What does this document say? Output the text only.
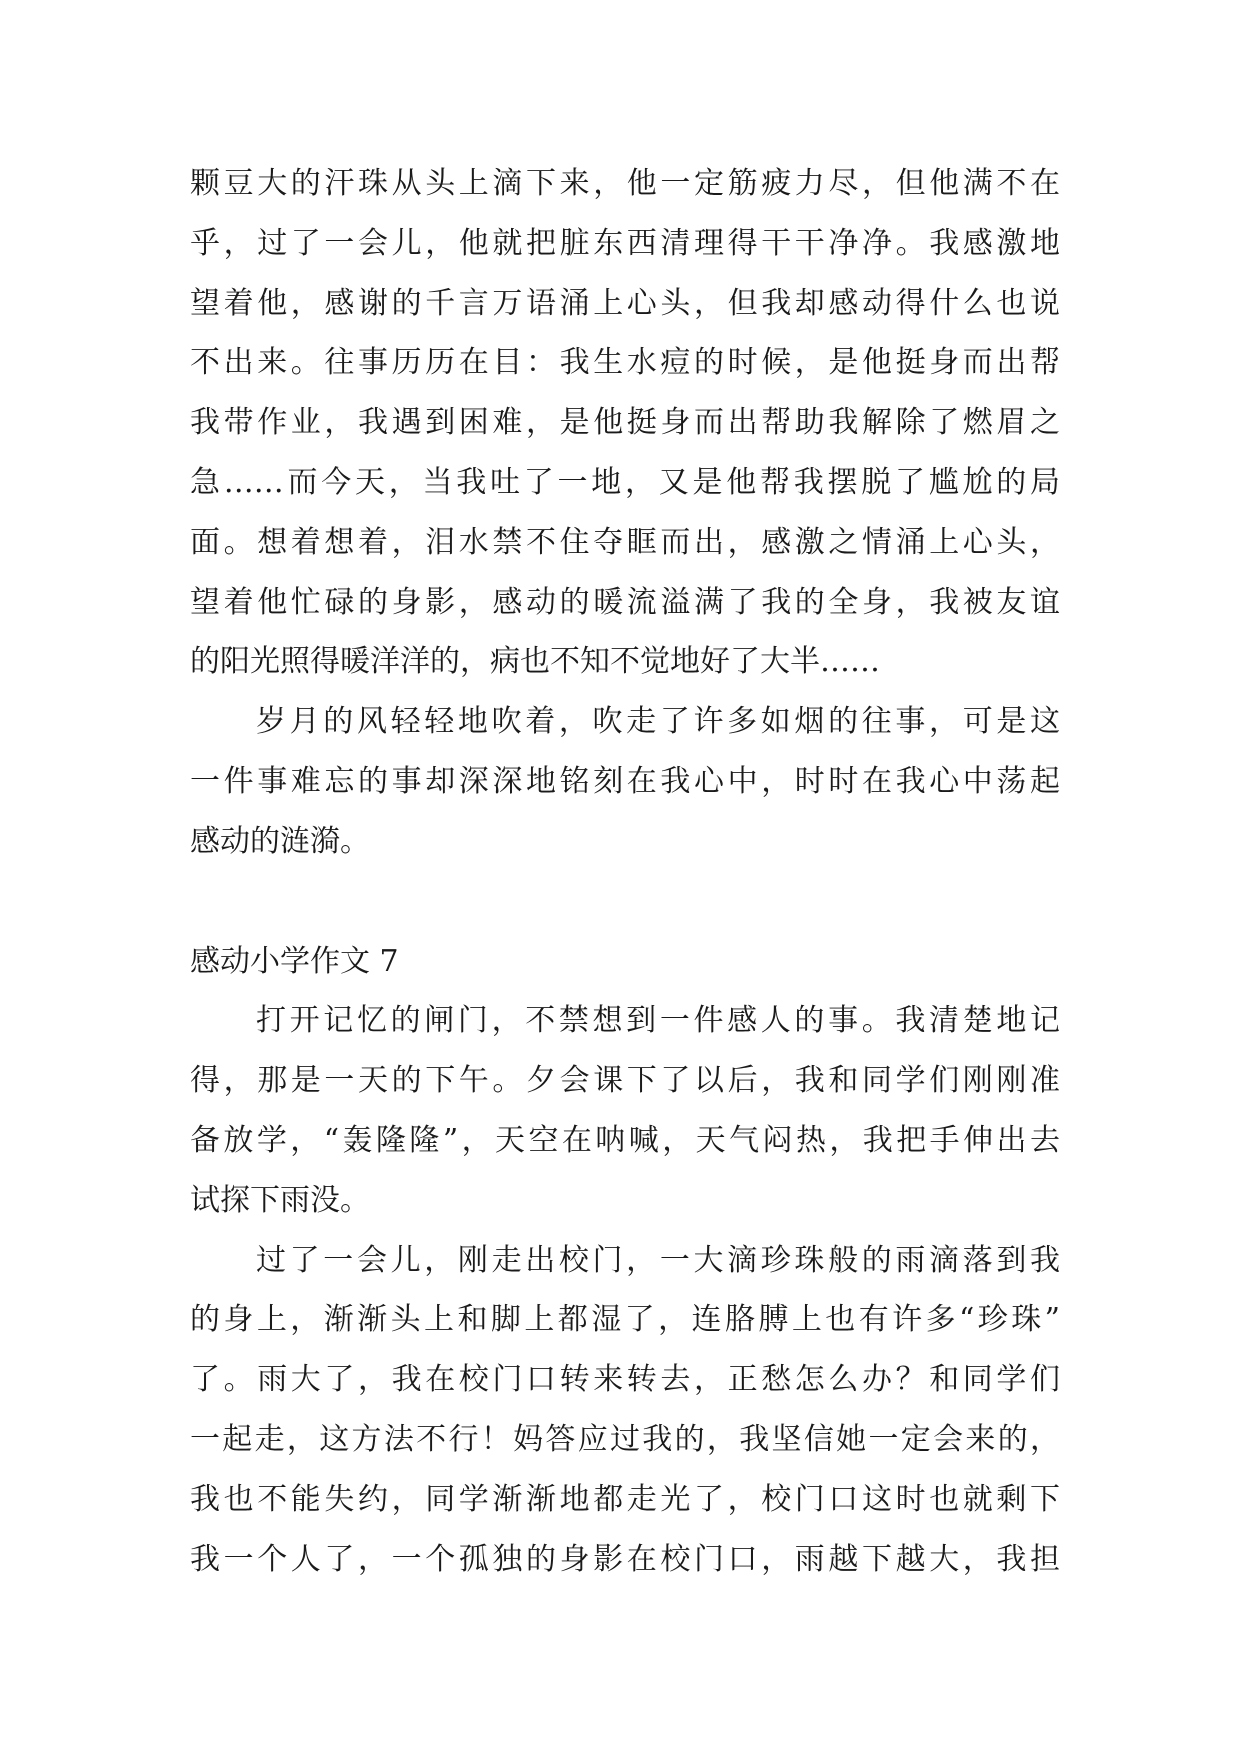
颗豆大的汗珠从头上滴下来，他一定筋疲力尽，但他满不在
乎，过了一会儿，他就把脏东西清理得干干净净。我感激地
望着他，感谢的千言万语涌上心头，但我却感动得什么也说
不出来。往事历历在目：我生水痘的时候，是他挺身而出帮
我带作业，我遇到困难，是他挺身而出帮助我解除了燃眉之
急……而今天，当我吐了一地，又是他帮我摆脱了尴尬的局
面。想着想着，泪水禁不住夺眶而出，感激之情涌上心头，
望着他忙碌的身影，感动的暖流溢满了我的全身，我被友谊
的阳光照得暖洋洋的，病也不知不觉地好了大半……
岁月的风轻轻地吹着，吹走了许多如烟的往事，可是这
一件事难忘的事却深深地铭刻在我心中，时时在我心中荡起
感动的涟漪。
感动小学作文 7
打开记忆的闸门，不禁想到一件感人的事。我清楚地记
得，那是一天的下午。夕会课下了以后，我和同学们刚刚准
备放学，“轰隆隆”，天空在呐喊，天气闷热，我把手伸出去
试探下雨没。
过了一会儿，刚走出校门，一大滴珍珠般的雨滴落到我
的身上，渐渐头上和脚上都湿了，连胳膊上也有许多“珍珠”
了。雨大了，我在校门口转来转去，正愁怎么办？和同学们
一起走，这方法不行！妈答应过我的，我坚信她一定会来的，
我也不能失约，同学渐渐地都走光了，校门口这时也就剩下
我一个人了，一个孤独的身影在校门口，雨越下越大，我担
